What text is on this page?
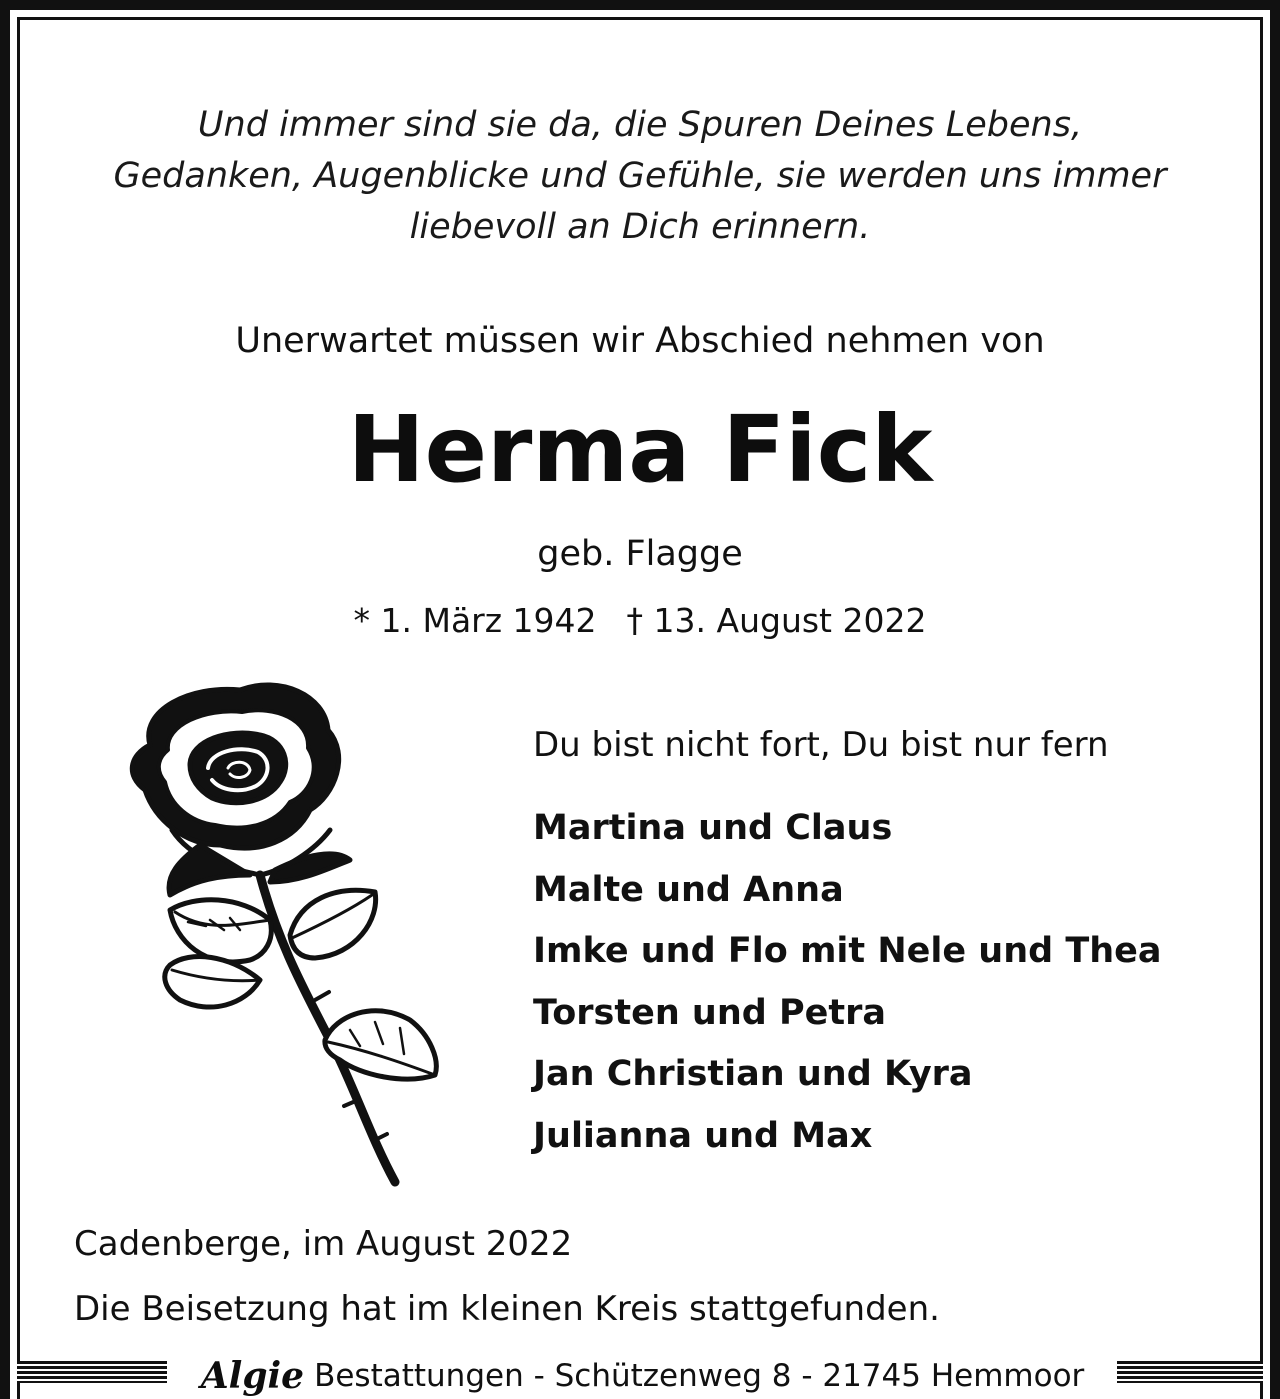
Und immer sind sie da, die Spuren Deines Lebens,
Gedanken, Augenblicke und Gefühle, sie werden uns immer
liebevoll an Dich erinnern.
Unerwartet müssen wir Abschied nehmen von
Herma Fick
geb. Flagge
* 1. März 1942 † 13. August 2022
Du bist nicht fort, Du bist nur fern
Martina und Claus
Malte und Anna
Imke und Flo mit Nele und Thea
Torsten und Petra
Jan Christian und Kyra
Julianna und Max
Cadenberge, im August 2022
Die Beisetzung hat im kleinen Kreis stattgefunden.
Algie Bestattungen - Schützenweg 8 - 21745 Hemmoor
